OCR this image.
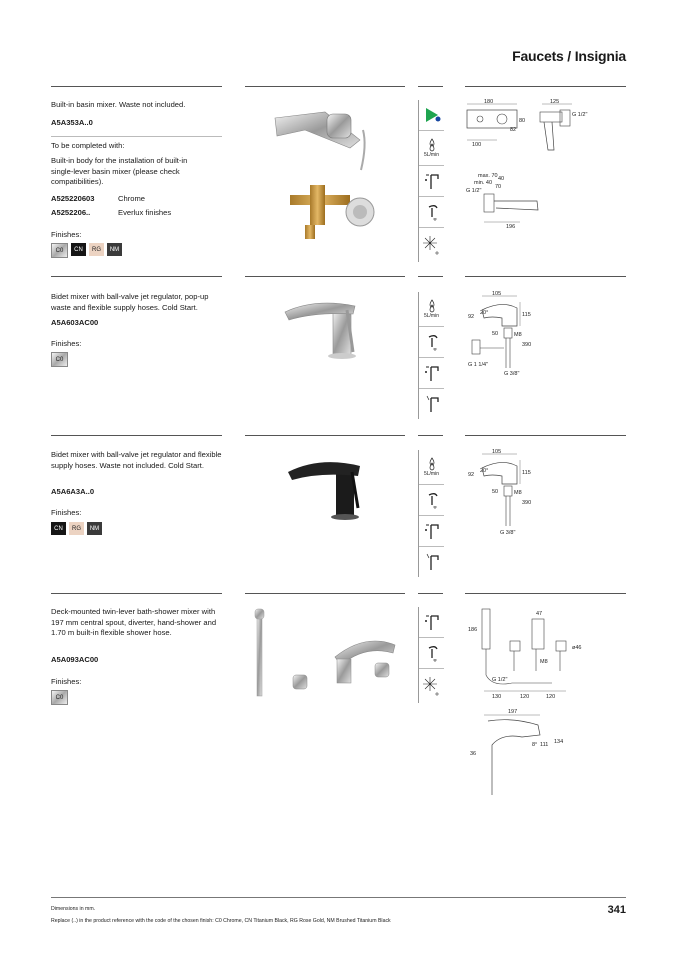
Faucets / Insignia
Built-in basin mixer. Waste not included.
A5A353A..0
To be completed with:
Built-in body for the installation of built-in single-lever basin mixer (please check compatibilities).
A525220603	Chrome
A5252206..	Everlux finishes
Finishes:
C0	CN	RG	NM
5L/min
180	125
G 1/2"
80
82
100
max. 70 40
min. 40
70
G 1/2"
196
Bidet mixer with ball-valve jet regulator, pop-up waste and flexible supply hoses. Cold Start.
A5A603AC00
Finishes:
C0
5L/min
105
92
20°	115
50	M8
390
G 1 1/4"
G 3/8"
Bidet mixer with ball-valve jet regulator and flexible supply hoses. Waste not included. Cold Start.
A5A6A3A..0
Finishes:
CN	RG	NM
5L/min
105
92
20°	115
50	M8
390
G 3/8"
Deck-mounted twin-lever bath-shower mixer with 197 mm central spout, diverter, hand-shower and 1.70 m built-in flexible shower hose.
A5A093AC00
Finishes:
C0
186
47
ø46
M8
G 1/2"
130	120	120
197
134
111
8°
36
Dimensions in mm.
Replace (..) in the product reference with the code of the chosen finish: C0 Chrome, CN Titanium Black, RG Rose Gold, NM Brushed Titanium Black
341
